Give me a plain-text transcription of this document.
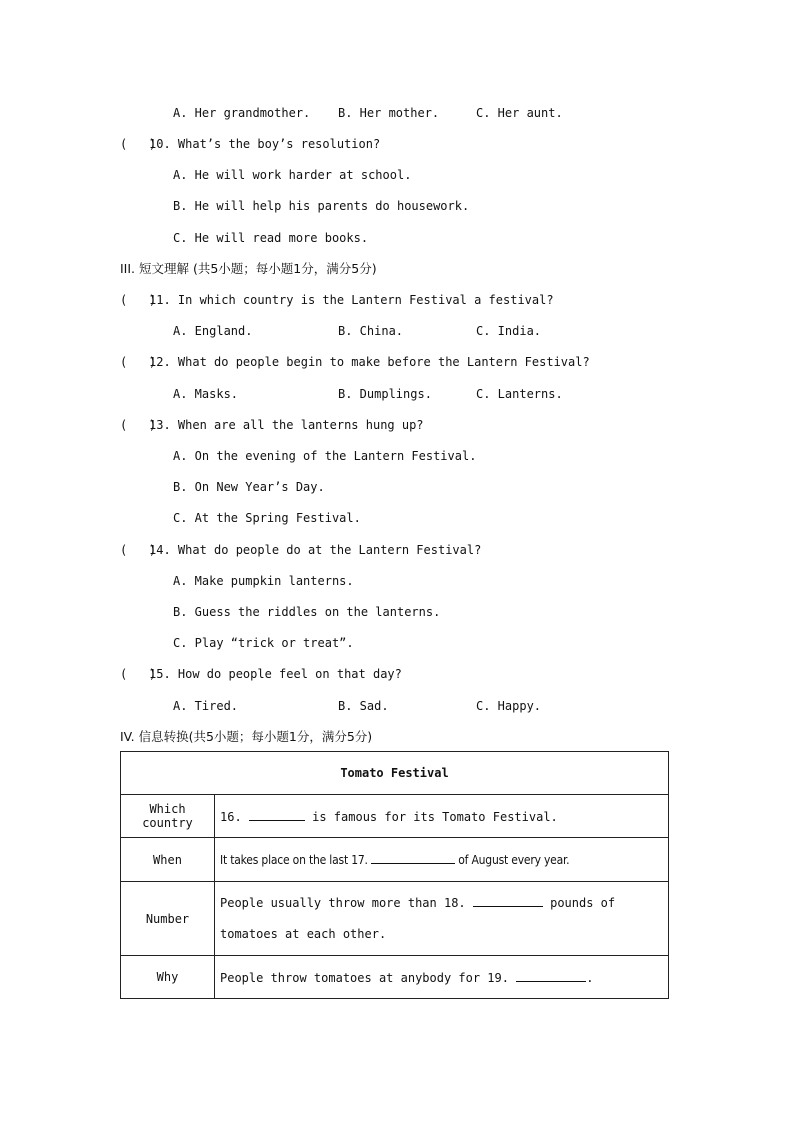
A. Her grandmother. B. Her mother.	C. Her aunt.
(   )
10. What’s the boy’s resolution?
A. He will work harder at school.
B. He will help his parents do housework.
C. He will read more books.
III. 短文理解 (共5小题；每小题1分，满分5分)
(   )
11. In which country is the Lantern Festival a festival?
A. England.	B. China.	C. India.
(   )
12. What do people begin to make before the Lantern Festival?
A. Masks.	B. Dumplings.	C. Lanterns.
(   )
13. When are all the lanterns hung up?
A. On the evening of the Lantern Festival.
B. On New Year’s Day.
C. At the Spring Festival.
(   )
14. What do people do at the Lantern Festival?
A. Make pumpkin lanterns.
B. Guess the riddles on the lanterns.
C. Play “trick or treat”.
(   )
15. How do people feel on that day?
A. Tired.	B. Sad.	C. Happy.
IV. 信息转换(共5小题；每小题1分，满分5分)
Tomato Festival	
Which country	16. is famous for its Tomato Festival.
When	It takes place on the last 17. of August every year.
Number	People usually throw more than 18. pounds of tomatoes at each other.
Why	People throw tomatoes at anybody for 19. .
